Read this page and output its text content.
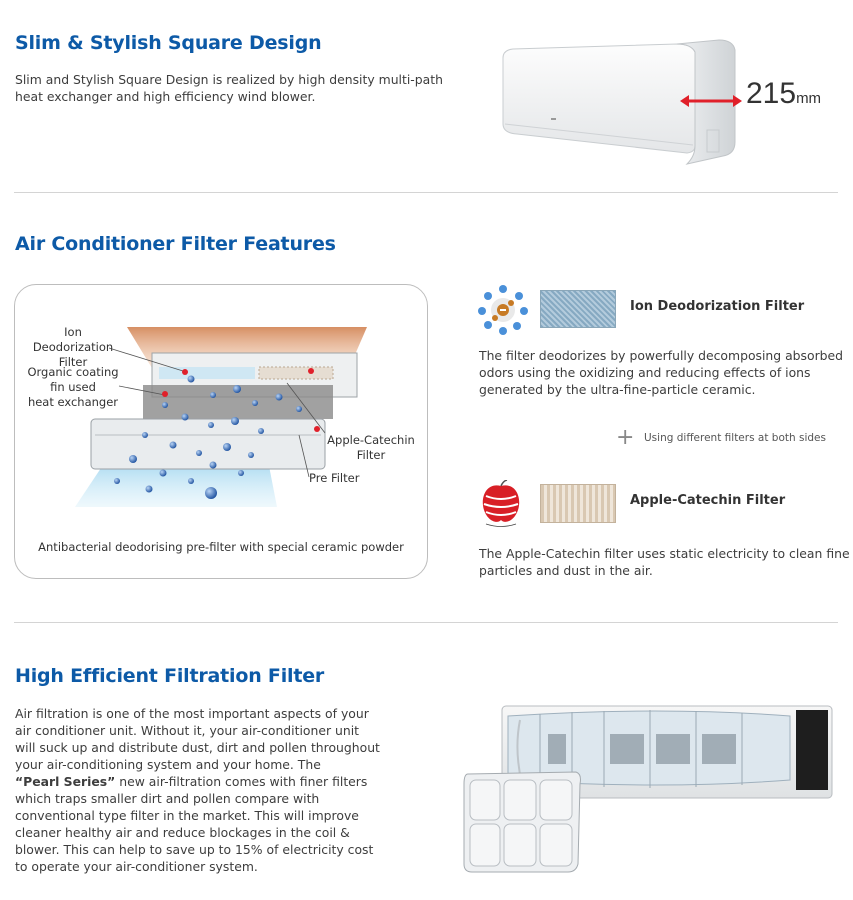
Slim & Stylish Square Design
Slim and Stylish Square Design is realized by high density multi-path
heat exchanger and high efficiency wind blower.	215mm
Air Conditioner Filter Features
Ion Deodorization
Filter
Organic coating
fin used
heat exchanger
Apple-Catechin
Filter
Pre Filter
Antibacterial deodorising pre-filter with special ceramic powder
Ion Deodorization Filter
The filter deodorizes by powerfully decomposing absorbed
odors using the oxidizing and reducing effects of ions
generated by the ultra-fine-particle ceramic.
+ Using different filters at both sides
Apple-Catechin Filter
The Apple-Catechin filter uses static electricity to clean fine
particles and dust in the air.
High Efficient Filtration Filter
Air filtration is one of the most important aspects of your
air conditioner unit. Without it, your air-conditioner unit
will suck up and distribute dust, dirt and pollen throughout
your air-conditioning system and your home. The
“Pearl Series” new air-filtration comes with finer filters
which traps smaller dirt and pollen compare with
conventional type filter in the market. This will improve
cleaner healthy air and reduce blockages in the coil &
blower. This can help to save up to 15% of electricity cost
to operate your air-conditioner system.
